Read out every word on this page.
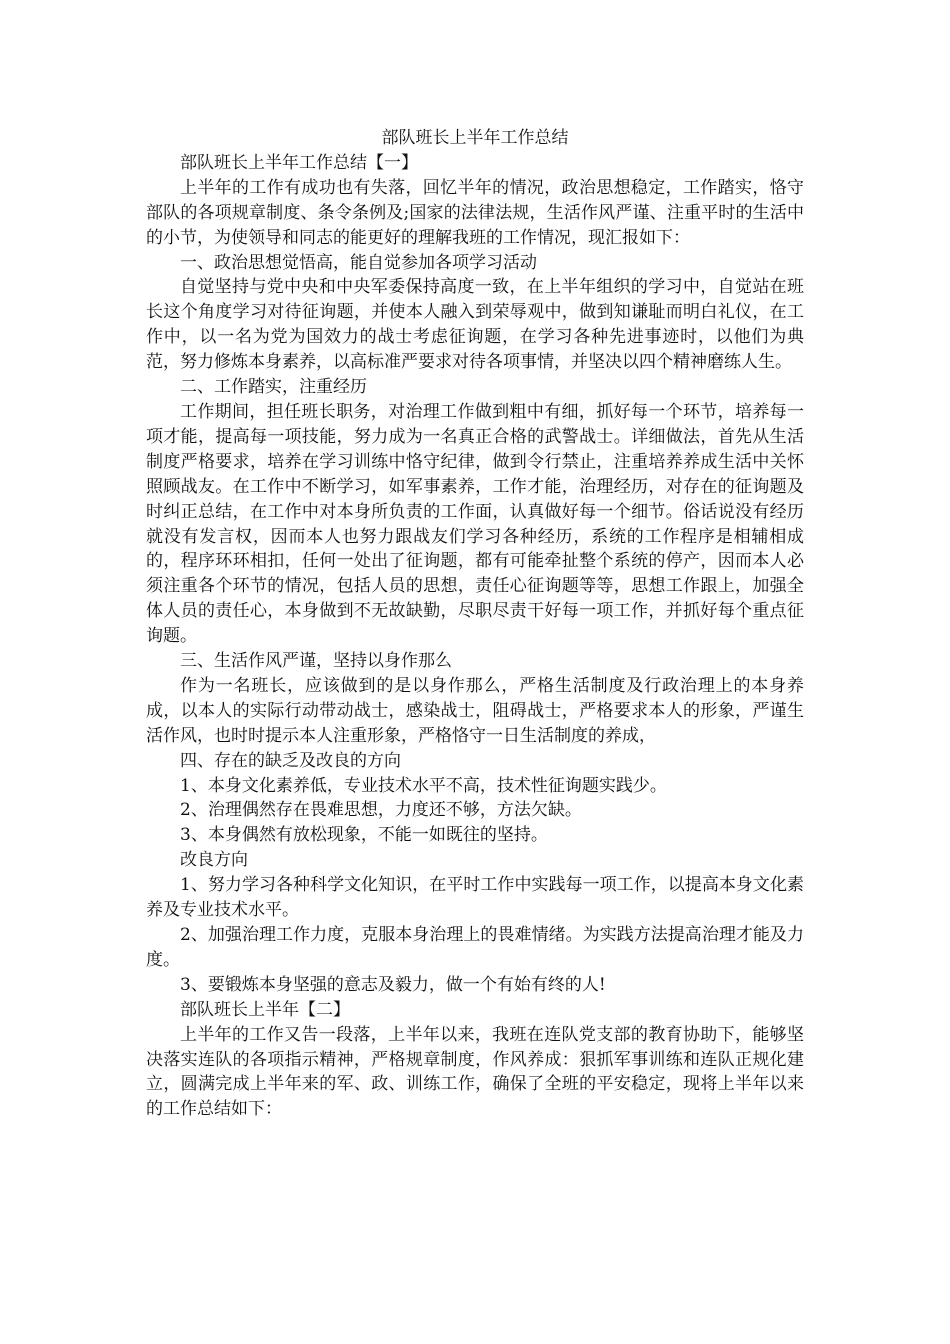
部队班长上半年工作总结

部队班长上半年工作总结【一】

上半年的工作有成功也有失落，回忆半年的情况，政治思想稳定，工作踏实，恪守部队的各项规章制度、条令条例及;国家的法律法规，生活作风严谨、注重平时的生活中的小节，为使领导和同志的能更好的理解我班的工作情况，现汇报如下：

一、政治思想觉悟高，能自觉参加各项学习活动

自觉坚持与党中央和中央军委保持高度一致，在上半年组织的学习中，自觉站在班长这个角度学习对待征询题，并使本人融入到荣辱观中，做到知谦耻而明白礼仪，在工作中，以一名为党为国效力的战士考虑征询题，在学习各种先进事迹时，以他们为典范，努力修炼本身素养，以高标准严要求对待各项事情，并坚决以四个精神磨练人生。

二、工作踏实，注重经历

工作期间，担任班长职务，对治理工作做到粗中有细，抓好每一个环节，培养每一项才能，提高每一项技能，努力成为一名真正合格的武警战士。详细做法，首先从生活制度严格要求，培养在学习训练中恪守纪律，做到令行禁止，注重培养养成生活中关怀照顾战友。在工作中不断学习，如军事素养，工作才能，治理经历，对存在的征询题及时纠正总结，在工作中对本身所负责的工作面，认真做好每一个细节。俗话说没有经历就没有发言权，因而本人也努力跟战友们学习各种经历，系统的工作程序是相辅相成的，程序环环相扣，任何一处出了征询题，都有可能牵扯整个系统的停产，因而本人必须注重各个环节的情况，包括人员的思想，责任心征询题等等，思想工作跟上，加强全体人员的责任心，本身做到不无故缺勤，尽职尽责干好每一项工作，并抓好每个重点征询题。

三、生活作风严谨，坚持以身作那么

作为一名班长，应该做到的是以身作那么，严格生活制度及行政治理上的本身养成，以本人的实际行动带动战士，感染战士，阻碍战士，严格要求本人的形象，严谨生活作风，也时时提示本人注重形象，严格恪守一日生活制度的养成，

四、存在的缺乏及改良的方向

1、本身文化素养低，专业技术水平不高，技术性征询题实践少。

2、治理偶然存在畏难思想，力度还不够，方法欠缺。

3、本身偶然有放松现象，不能一如既往的坚持。

改良方向

1、努力学习各种科学文化知识，在平时工作中实践每一项工作，以提高本身文化素养及专业技术水平。

2、加强治理工作力度，克服本身治理上的畏难情绪。为实践方法提高治理才能及力度。

3、要锻炼本身坚强的意志及毅力，做一个有始有终的人!

部队班长上半年【二】

上半年的工作又告一段落，上半年以来，我班在连队党支部的教育协助下，能够坚决落实连队的各项指示精神，严格规章制度，作风养成：狠抓军事训练和连队正规化建立，圆满完成上半年来的军、政、训练工作，确保了全班的平安稳定，现将上半年以来的工作总结如下：
